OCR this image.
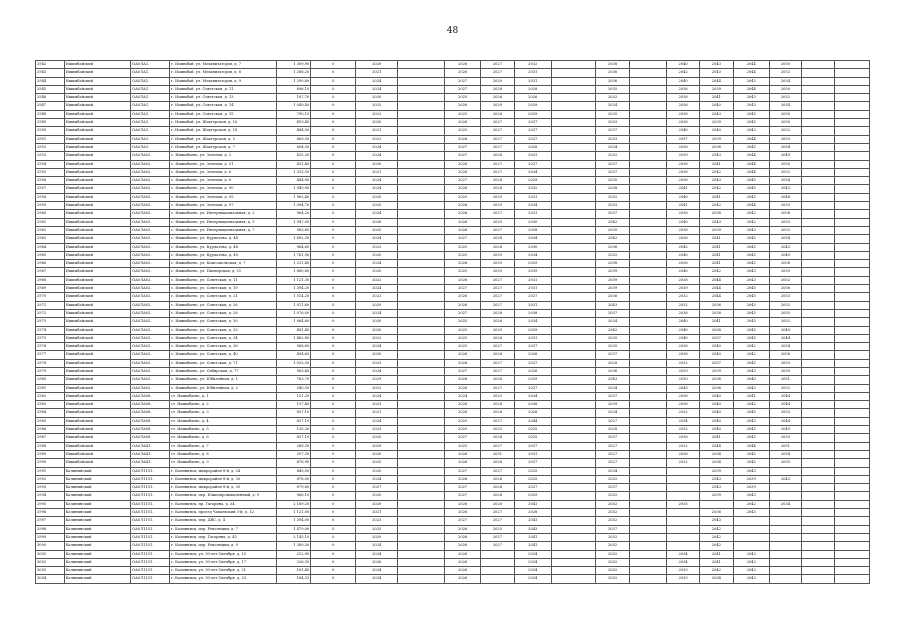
48
2942	Ишимбайский	ОА0ЛА1.	г. Ишимбай, ул. Механизаторов, д. 7	1 309,90	0	2020		2026	2027	2032		2038		2040	2043	2044	2050		
2943	Ишимбайский	ОА0ЛА1.	г. Ишимбай, ул. Механизаторов, д. 8	1 288,20	0	2021		2026	2027	2031		2036		2042	2043	2044	2052		
2944	Ишимбайский	ОА0ЛА1.	г. Ишимбай, ул. Механизаторов, д. 9	1 290,60	0	2024		2027	2029	2031		2036		2040	2044	2045	2054		
2945	Ишимбайский	ОА0ЛА1.	г. Ишимбай, ул. Советская, д. 11	896,10	0	2024		2027	2028	2028		2035		2036	2039	2044	2050		
2946	Ишимбайский	ОА0ЛА1.	г. Ишимбай, ул. Советская, д. 13	187,70	0	2020		2025	2026	2026		2032		2038	2041	2043	2052		
2947	Ишимбайский	ОА0ЛА1.	г. Ишимбай, ул. Советская, д. 14	1 049,40	0	2025		2026	2029	2029		2034		2036	2040	2043	2054		
2948	Ишимбайский	ОА0ЛА1.	г. Ишимбай, ул. Советская, д. 15	790,15	0	2022		2025	2026	2029		2035		2038	2043	2045	2050		
2949	Ишимбайский	ОА0ЛА1.	г. Ишимбай, ул. Шахтерская, д. 16	459,40	0	2020		2026	2027	2027		2033		2036	2039	2045	2050		
2950	Ишимбайский	ОА0ЛА1.	г. Ишимбай, ул. Шахтерская, д. 18	484,00	0	2021		2025	2027	2027		2037		2040	2040	2043	2052		
2951	Ишимбайский	ОА0ЛА1.	г. Ишимбай, ул. Шахтерская, д. 5	669,30	0	2022		2026	2027	2027		2033		2037	2039	2044	2053		
2952	Ишимбайский	ОА0ЛА1.	г. Ишимбай, ул. Шахтерская, д. 7	604,30	0	2024		2027	2027	2028		2034		2036	2038	2045	2054		
2953	Ишимбайский	ОА0ЛА02.	с. Ишимбаево, ул. Зеленая, д. 2	435,20	0	2024		2027	2028	2031		2032		2039	2043	2044	2049		
2954	Ишимбайский	ОА0ЛА02.	с. Ишимбаево, ул. Зеленая, д. 51	431,40	0	2020		2026	2027	2027		2037		2038	2041	2044	2050		
2955	Ишимбайский	ОА0ЛА02.	с. Ишимбаево, ул. Зеленая, д. 6	1 333,30	0	2021		2026	2027	2034		2037		2038	2042	2044	2052		
2956	Ишимбайский	ОА0ЛА02.	с. Ишимбаево, ул. Зеленая, д. 8	484,90	0	2024		2027	2028	2029		2035		2036	2043	2045	2054		
2957	Ишимбайский	ОА0ЛА02.	с. Ишимбаево, ул. Зеленая, д. 90	1 949,90	0	2024		2026	2028	2032		2038		2041	2042	2045	2043		
2958	Ишимбайский	ОА0ЛА02.	с. Ишимбаево, ул. Зеленая, д. 95	1 962,40	0	2020		2025	2029	2031		2032		2040	2041	2045	2048		
2959	Ишимбайский	ОА0ЛА02.	с. Ишимбаево, ул. Зеленая, д. 97	1 094,70	0	2025		2026	2029	2034		2033		2041	2042	2044	2053		
2960	Ишимбайский	ОА0ЛА02.	с. Ишимбаево, ул. Интернациональная, д. 2	964,20	0	2024		2026	2027	2031		2037		2036	2038	2042	2056		
2961	Ишимбайский	ОА0ЛА02.	с. Ишимбаево, ул. Интернациональная, д. 3	1 947,00	0	2026		2026	2029	2030		2042		2040	2043	2042	2053		
2962	Ишимбайский	ОА0ЛА02.	с. Ишимбаево, ул. Интернациональная, д. 7	983,60	0	2025		2026	2027	2028		2035		2038	2039	2043	2052		
2963	Ишимбайский	ОА0ЛА02.	с. Ишимбаево, ул. Курчатова, д. 44	1 492,30	0	2024		2027	2028	2034		2042		2036	2041	2045	2054		
2964	Ишимбайский	ОА0ЛА02.	с. Ишимбаево, ул. Курчатова, д. 48	964,60	0	2022		2025	2028	2030		2036		2042	2041	2045	2043		
2965	Ишимбайский	ОА0ЛА02.	с. Ишимбаево, ул. Курчатова, д. 49	1 761,90	0	2020		2025	2029	2034		2032		2040	2041	2045	2049		
2966	Ишимбайский	ОА0ЛА02.	с. Ишимбаево, ул. Комсомольская, д. 7	1 231,40	0	2024		2026	2029	2029		2038		2036	2041	2042	2056		
2967	Ишимбайский	ОА0ЛА02.	с. Ишимбаево, ул. Пионерская, д. 51	1 880,80	0	2025		2025	2029	2039		2039		2040	2042	2043	2053		
2968	Ишимбайский	ОА0ЛА02.	с. Ишимбаево, ул. Советская, д. 11	1 121,30	0	2022		2026	2027	2031		2039		2038	2044	2043	2052		
2969	Ишимбайский	ОА0ЛА02.	с. Ишимбаево, ул. Советская, д. 19	1 394,20	0	2024		2027	2027	2031		2039		2039	2044	2045	2056		
2970	Ишимбайский	ОА0ЛА02.	с. Ишимбаево, ул. Советская, д. 21	1 514,20	0	2022		2026	2027	2027		2036		2032	2044	2045	2053		
2971	Ишимбайский	ОА0ЛА02.	с. Ишимбаево, ул. Советская, д. 26	1 011,60	0	2020		2026	2027	2031		2043		2032	2036	2045	2052		
2972	Ишимбайский	ОА0ЛА02.	с. Ишимбаево, ул. Советская, д. 28	1 076,00	0	2024		2027	2028	2038		2037		2036	2038	2045	2055		
2973	Ишимбайский	ОА0ЛА02.	с. Ишимбаево, ул. Советская, д. 30	1 064,60	0	2020		2025	2026	2034		2034		2040	2041	2045	2052		
2974	Ишимбайский	ОА0ЛА02.	с. Ишимбаево, ул. Советская, д. 32	481,40	0	2020		2025	2029	2029		2042		2040	2038	2045	2049		
2975	Ишимбайский	ОА0ЛА02.	с. Ишимбаево, ул. Советская, д. 34	1 462,80	0	2022		2025	2026	2031		2035		2040	2037	2045	2044		
2976	Ишимбайский	ОА0ЛА02.	с. Ишимбаево, ул. Советская, д. 36	968,60	0	2024		2025	2027	2027		2035		2036	2040	2042	2054		
2977	Ишимбайский	ОА0ЛА02.	с. Ишимбаево, ул. Советская, д. 40	494,60	0	2020		2026	2026	2026		2037		2036	2040	2042	2056		
2978	Ишимбайский	ОА0ЛА02.	с. Ишимбаево, ул. Советская, д. 71	1 032,30	0	2023		2026	2027	2027		2028		2032	2037	2045	2053		
2979	Ишимбайский	ОА0ЛА02.	с. Ишимбаево, ул. Сибирская, д. 77	983,40	0	2024		2027	2027	2026		2036		2029	2039	2043	2059		
2980	Ишимбайский	ОА0ЛА02.	с. Ишимбаево, ул. Юбилейная, д. 1	763,70	0	2029		2026	2026	2029		2043		2030	2038	2040	2051		
2981	Ишимбайский	ОА0ЛА02.	с. Ишимбаево, ул. Юбилейная, д. 2	540,30	0	2022		2026	2027	2027		2034		2043	2036	2043	2052		
2982	Ишимбайский	ОА0ЛА08.	ст. Ишимбаево, д. 1	151,20	0	2024		2024	2025	2034		2037		2036	2040	2041	2044		
2983	Ишимбайский	ОА0ЛА08.	ст. Ишимбаево, д. 2	157,40	0	2023		2026	2028	2036		2039		2036	2040	2042	2044		
2984	Ишимбайский	ОА0ЛА08.	ст. Ишимбаево, д. 3	837,10	0	2021		2026	2026	2026		2034		2032	2040	2045	2053		
2985	Ишимбайский	ОА0ЛА08.	ст. Ишимбаево, д. 4	837,10	0	2024		2025	2027	2044		2027		2034	2040	2043	2044		
2986	Ишимбайский	ОА0ЛА08.	ст. Ишимбаево, д. 5	135,30	0	2023		2025	2025	2025		2028		2032	2040	2045	2049		
2987	Ишимбайский	ОА0ЛА08.	ст. Ишимбаево, д. 6	837,10	0	2025		2027	2028	2025		2037		2036	2041	2045	2053		
2988	Ишимбайский	ОА0ЛА41.	ст. Ишимбаево, д. 7	289,30	0	2029		2025	2027	2027		2027		2032	2044	2044	2051		
2989	Ишимбайский	ОА0ЛА41.	ст. Ишимбаево, д. 8	357,30	0	2020		2026	2031	2031		2027		2036	2034	2045	2054		
2990	Ишимбайский	ОА0ЛА41.	ст. Ишимбаево, д. 9	476,90	0	2025		2026	2026	2027		2027		2032	2034	2045	2055		
2991	Калининский	ОА0Л1101.	г. Калининск, микрорайон 8-й, д. 24	849,50	0	2025		2027	2027	2025		2034			2039	2043			
2992	Калининский	ОА0Л1101.	г. Калининск, микрорайон 8-й, д. 30	878,00	0	2024		2026	2026	2025		2032			2043	2039	2043		
2993	Калининский	ОА0Л1101.	г. Калининск, микрорайон 8-й, д. 35	879,80	0	2027		2027	2028	2027		2037			2043	2039			
2994	Калининский	ОА0Л1101.	г. Калининск, пер. Южнопромышленный, д. 9	966,10	0	2025		2027	2028	2029		2032			2039	2043			
2995	Калининский	ОА0Л1101.	г. Калининск, пр. Гагарина, д. 34	2 169,20	0	2020		2026	2026	2041		2032		2035		2042	2034		
2996	Калининский	ОА0Л1101.	г. Калининск, проезд Чапаевский 3-й, д. 12	1 121,00	0	2021		2026	2027	2028		2032			2036	2043			
2997	Калининский	ОА0Л1101.	г. Калининск, пер. ДВС, д. 4	1 394,00	0	2023		2027	2027	2041		2032			2043				
2998	Калининский	ОА0Л1101.	г. Калининск, пер. Революции, д. 7	1 479,00	0	2025		2026	2025	2043		2037			2042				
2999	Калининский	ОА0Л1101.	г. Калининск, пер. Гагарина, д. 45	2 145,10	0	2020		2026	2027	2041		2032			2042				
3000	Калининский	ОА0Л1101.	г. Калининск, пер. Революции, д. 9	1 389,30	0	2024		2026	2027	2041		2032			2042				
3001	Калининский	ОА0Л1101.	г. Калининск, ул. 30-лет Октября, д. 15	212,90	0	2024		2026		2024		2032		2034	2041	2043			
3002	Калининский	ОА0Л1101.	г. Калининск, ул. 30-лет Октября, д. 17	226,30	0	2026		2026		2024		2032		2034	2041	2043			
3003	Калининский	ОА0Л1101.	г. Калининск, ул. 30-лет Октября, д. 21	161,40	0	2024		2026		2024		2032		2033	2042	2043			
3004	Калининский	ОА0Л1101.	г. Калининск, ул. 30-лет Октября, д. 23	184,33	0	2024		2026		2024		2032		2033	2034	2043			
